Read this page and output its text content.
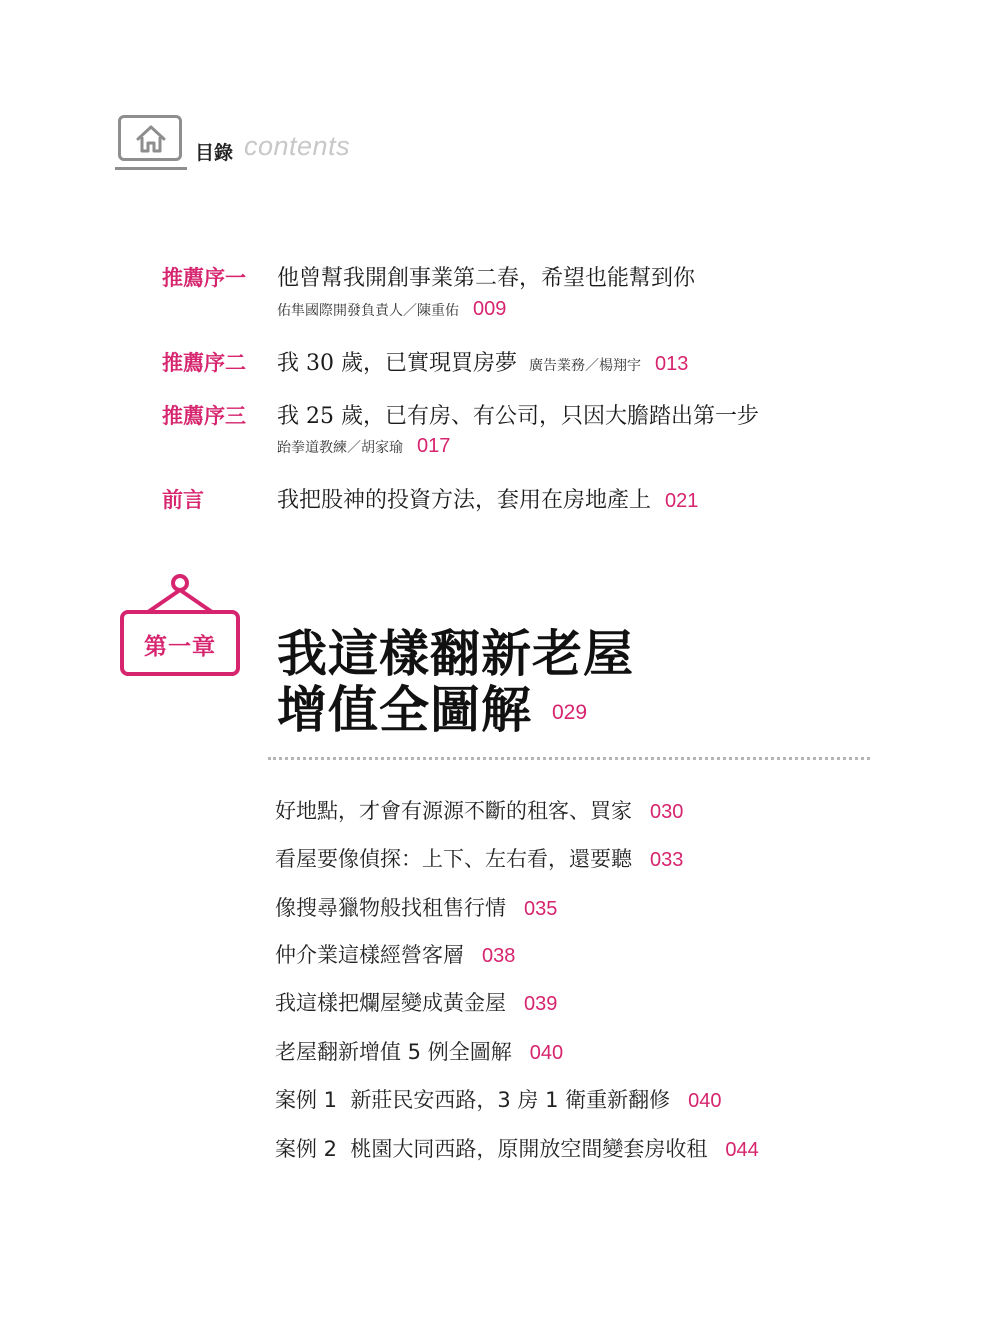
目錄 contents
推薦序一 他曾幫我開創事業第二春，希望也能幫到你
佑隼國際開發負責人／陳重佑 009
推薦序二 我 30 歲，已實現買房夢 廣告業務／楊翔宇 013
推薦序三 我 25 歲，已有房、有公司，只因大膽踏出第一步
跆拳道教練／胡家瑜 017
前言	我把股神的投資方法，套用在房地產上 021
第一章	我這樣翻新老屋
增值全圖解 029
好地點，才會有源源不斷的租客、買家 030
看屋要像偵探：上下、左右看，還要聽 033
像搜尋獵物般找租售行情 035
仲介業這樣經營客層 038
我這樣把爛屋變成黃金屋 039
老屋翻新增值 5 例全圖解 040
案例 1  新莊民安西路，3 房 1 衛重新翻修 040
案例 2  桃園大同西路，原開放空間變套房收租 044
